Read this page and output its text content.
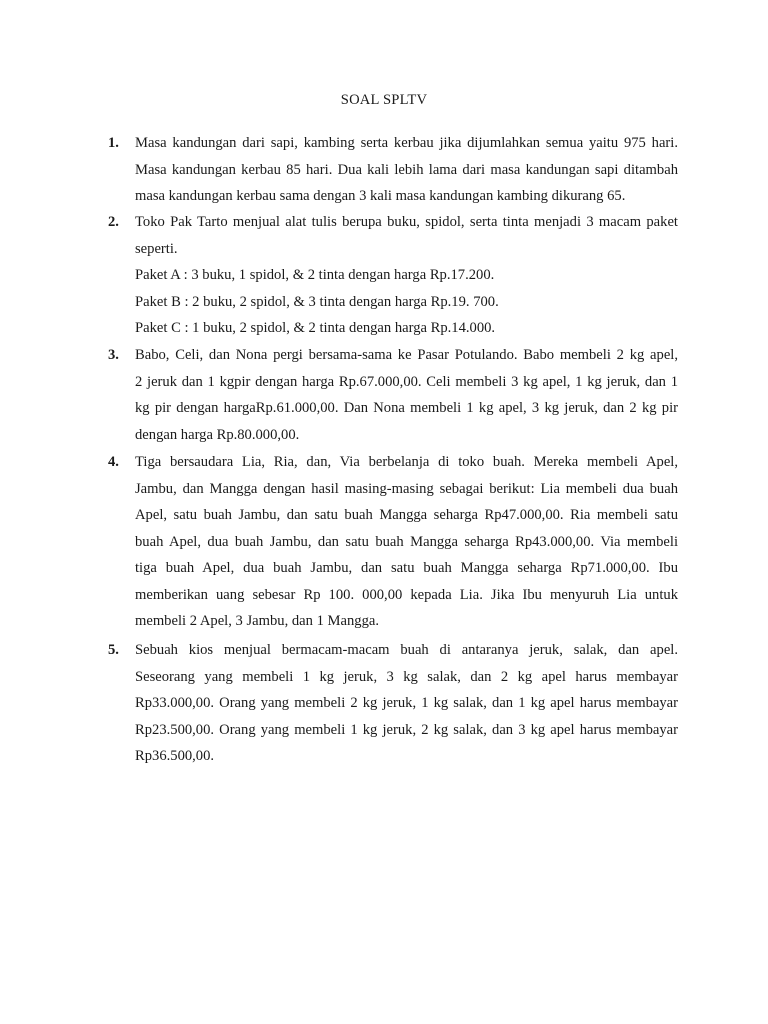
SOAL SPLTV
1.	Masa kandungan dari sapi, kambing serta kerbau jika dijumlahkan semua yaitu 975 hari.
Masa kandungan kerbau 85 hari. Dua kali lebih lama dari masa kandungan sapi ditambah
masa kandungan kerbau sama dengan 3 kali masa kandungan kambing dikurang 65.
2.	Toko Pak Tarto menjual alat tulis berupa buku, spidol, serta tinta menjadi 3 macam paket
seperti.
Paket A : 3 buku, 1 spidol, & 2 tinta dengan harga Rp.17.200.
Paket B : 2 buku, 2 spidol, & 3 tinta dengan harga Rp.19. 700.
Paket C : 1 buku, 2 spidol, & 2 tinta dengan harga Rp.14.000.
3.	Babo, Celi, dan Nona pergi bersama-sama ke Pasar Potulando. Babo membeli 2 kg apel,
2 jeruk dan 1 kgpir dengan harga Rp.67.000,00. Celi membeli 3 kg apel, 1 kg jeruk, dan 1
kg pir dengan hargaRp.61.000,00. Dan Nona membeli 1 kg apel, 3 kg jeruk, dan 2 kg pir
dengan harga Rp.80.000,00.
4.	Tiga bersaudara Lia, Ria, dan, Via berbelanja di toko buah. Mereka membeli Apel,
Jambu, dan Mangga dengan hasil masing-masing sebagai berikut: Lia membeli dua buah
Apel, satu buah Jambu, dan satu buah Mangga seharga Rp47.000,00. Ria membeli satu
buah Apel, dua buah Jambu, dan satu buah Mangga seharga Rp43.000,00. Via membeli
tiga buah Apel, dua buah Jambu, dan satu buah Mangga seharga Rp71.000,00. Ibu
memberikan uang sebesar Rp 100. 000,00 kepada Lia. Jika Ibu menyuruh Lia untuk
membeli 2 Apel, 3 Jambu, dan 1 Mangga.
5.	Sebuah kios menjual bermacam-macam buah di antaranya jeruk, salak, dan apel.
Seseorang yang membeli 1 kg jeruk, 3 kg salak, dan 2 kg apel harus membayar
Rp33.000,00. Orang yang membeli 2 kg jeruk, 1 kg salak, dan 1 kg apel harus membayar
Rp23.500,00. Orang yang membeli 1 kg jeruk, 2 kg salak, dan 3 kg apel harus membayar
Rp36.500,00.
